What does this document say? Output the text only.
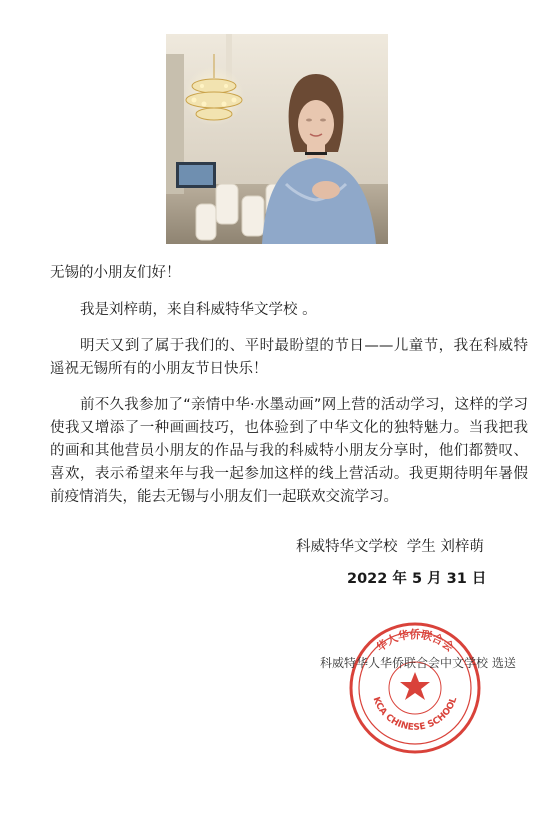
无锡的小朋友们好！

我是刘梓萌，来自科威特华文学校 。

明天又到了属于我们的、平时最盼望的节日——儿童节，我在科威特遥祝无锡所有的小朋友节日快乐！

前不久我参加了“亲情中华·水墨动画”网上营的活动学习，这样的学习使我又增添了一种画画技巧，也体验到了中华文化的独特魅力。当我把我的画和其他营员小朋友的作品与我的科威特小朋友分享时，他们都赞叹、喜欢，表示希望来年与我一起参加这样的线上营活动。我更期待明年暑假前疫情消失，能去无锡与小朋友们一起联欢交流学习。

科威特华文学校  学生 刘梓萌
2022 年 5 月 31 日
华人华侨联合会
KCA CHINESE SCHOOL
科威特华人华侨联合会中文学校 选送
